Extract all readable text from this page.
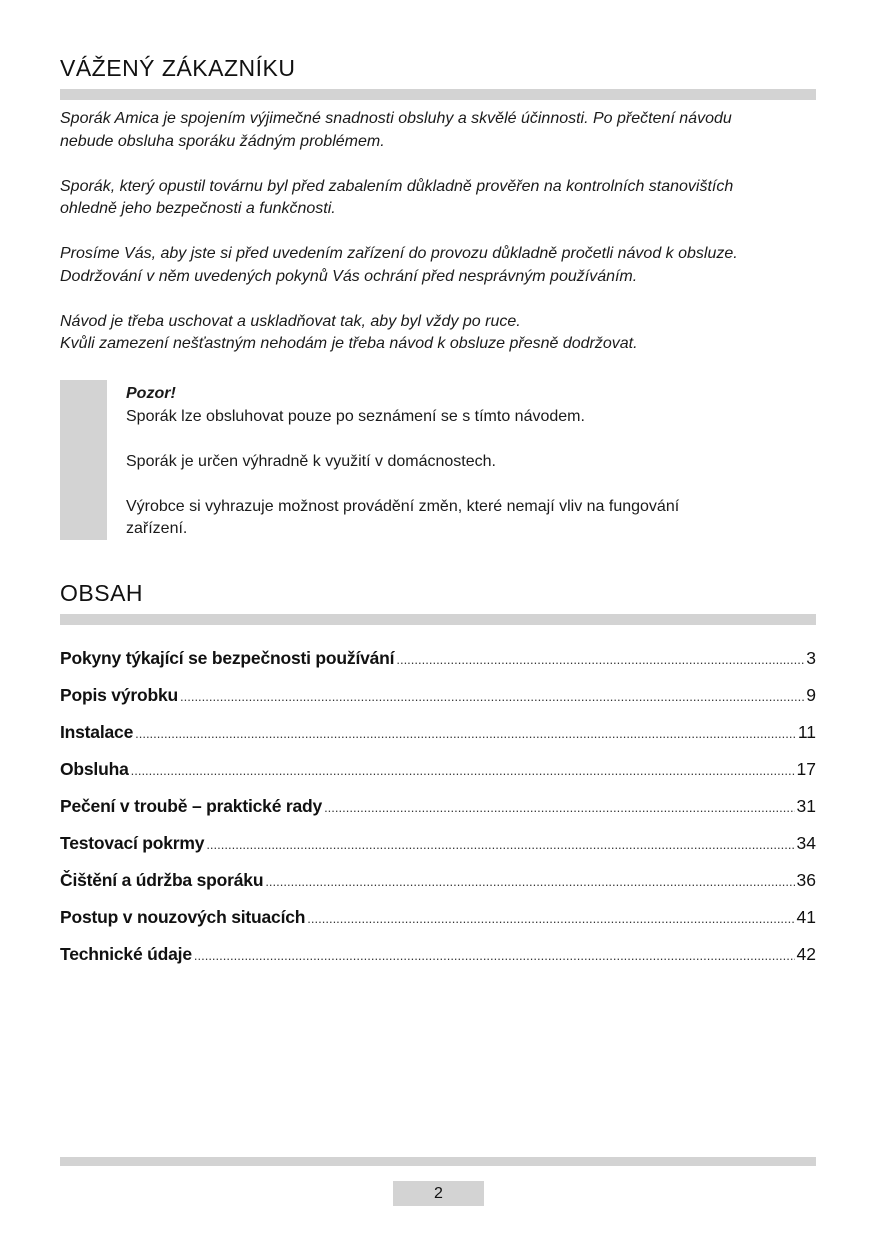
VÁŽENÝ ZÁKAZNÍKU

Sporák Amica je spojením výjimečné snadnosti obsluhy a skvělé účinnosti. Po přečtení návodu
nebude obsluha sporáku žádným problémem.

Sporák, který opustil továrnu byl před zabalením důkladně prověřen na kontrolních stanovištích
ohledně jeho bezpečnosti a funkčnosti.

Prosíme Vás, aby jste si před uvedením zařízení do provozu důkladně pročetli návod k obsluze.
Dodržování v něm uvedených pokynů Vás ochrání před nesprávným používáním.

Návod je třeba uschovat a uskladňovat tak, aby byl vždy po ruce.
Kvůli zamezení nešťastným nehodám je třeba návod k obsluze přesně dodržovat.

Pozor!

Sporák lze obsluhovat pouze po seznámení se s tímto návodem.

Sporák je určen výhradně k využití v domácnostech.

Výrobce si vyhrazuje možnost provádění změn, které nemají vliv na fungování
zařízení.

OBSAH
Pokyny týkající se bezpečnosti používání .....	3
Popis výrobku .....	9
Instalace .....	11
Obsluha .....	17
Pečení v troubě – praktické rady .....	31
Testovací pokrmy .....	34
Čištění a údržba sporáku .....	36
Postup v nouzových situacích .....	41
Technické údaje .....	42
2
